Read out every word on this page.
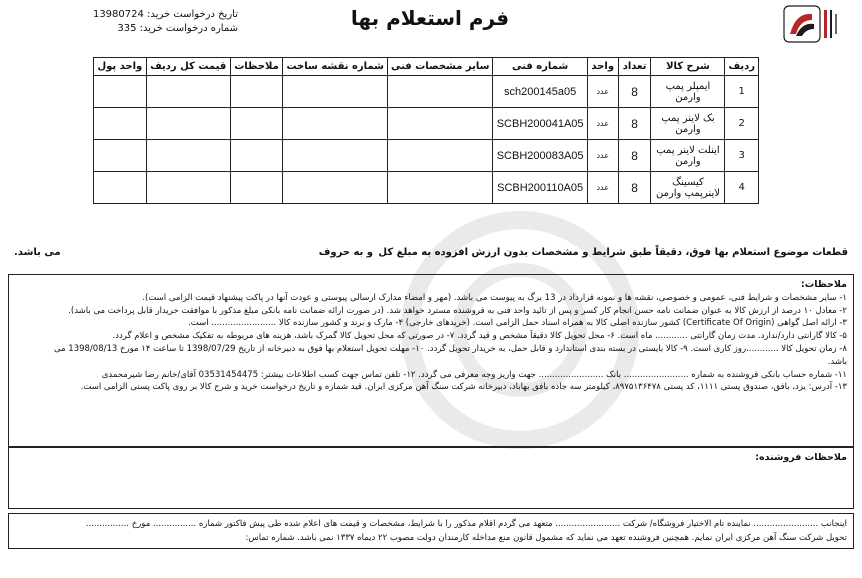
تاریخ درخواست خرید: 13980724
شماره درخواست خرید: 335	فرم استعلام بها
ردیف	شرح کالا	تعداد	واحد	شماره فنی	سایر مشخصات فنی	شماره نقشه ساخت	ملاحظات	قیمت کل ردیف	واحد پول
1	ایمپلر پمپ وارمن	8	عدد	sch200145a05					
2	بک لاینر پمپ وارمن	8	عدد	SCBH200041A05					
3	اینلت لاینر پمپ وارمن	8	عدد	SCBH200083A05					
4	کیسینگ لاینرپمپ وارمن	8	عدد	SCBH200110A05					
قطعات موضوع استعلام بها فوق، دقیقاً طبق شرایط و مشخصات بدون ارزش افزوده به مبلغ کل
و به حروف
می باشد.
ملاحظات:
۱- سایر مشخصات و شرایط فنی، عمومی و خصوصی، نقشه ها و نمونه قرارداد در 13 برگ به پیوست می باشد. (مهر و امضاء مدارک ارسالی پیوستی و عودت آنها در پاکت پیشنهاد قیمت الزامی است).
۲- معادل ۱۰ درصد از ارزش کالا به عنوان ضمانت نامه حسن انجام کار کسر و پس از تائید واحد فنی به فروشنده مسترد خواهد شد. (در صورت ارائه ضمانت نامه بانکی مبلغ مذکور با موافقت خریدار قابل پرداخت می باشد).
۳- ارائه اصل گواهی (Certificate Of Origin) کشور سازنده اصلی کالا به همراه اسناد حمل الزامی است. (خریدهای خارجی) ۴- مارک و برند و کشور سازنده کالا ........................ است.
۵- کالا گارانتی دارد/ندارد. مدت زمان گارانتی ............ ماه است. ۶- محل تحویل کالا دقیقاً مشخص و قید گردد. ۷- در صورتی که محل تحویل کالا گمرک باشد، هزینه های مربوطه به تفکیک مشخص و اعلام گردد.
۸- زمان تحویل کالا ............روز کاری است. ۹- کالا بایستی در بسته بندی استاندارد و قابل حمل، به خریدار تحویل گردد. ۱۰- مهلت تحویل استعلام بها فوق به دبیرخانه از تاریخ 1398/07/29 تا ساعت ۱۴ مورخ 1398/08/13 می
باشد.
۱۱- شماره حساب بانکی فروشنده به شماره ........................ بانک ........................ جهت واریز وجه معرفی می گردد. ۱۲- تلفن تماس جهت کسب اطلاعات بیشتر: 03531454475 آقای/خانم رضا شیرمحمدی
۱۳- آدرس: یزد، بافق، صندوق پستی ۱۱۱۱، کد پستی ۸۹۷۵۱۳۶۴۷۸، کیلومتر سه جاده بافق بهاباد، دبیرخانه شرکت سنگ آهن مرکزی ایران. قید شماره و تاریخ درخواست خرید و شرح کالا بر روی پاکت پستی الزامی است.
ملاحظات فروشنده:
اینجانب ........................ نماینده تام الاختیار فروشگاه/ شرکت ........................ متعهد می گردم اقلام مذکور را با شرایط، مشخصات و قیمت های اعلام شده طی پیش فاکتور شماره ................ مورخ ................
تحویل شرکت سنگ آهن مرکزی ایران نمایم. همچنین فروشنده تعهد می نماید که مشمول قانون منع مداخله کارمندان دولت مصوب ۲۲ دیماه ۱۳۳۷ نمی باشد. شماره تماس:
